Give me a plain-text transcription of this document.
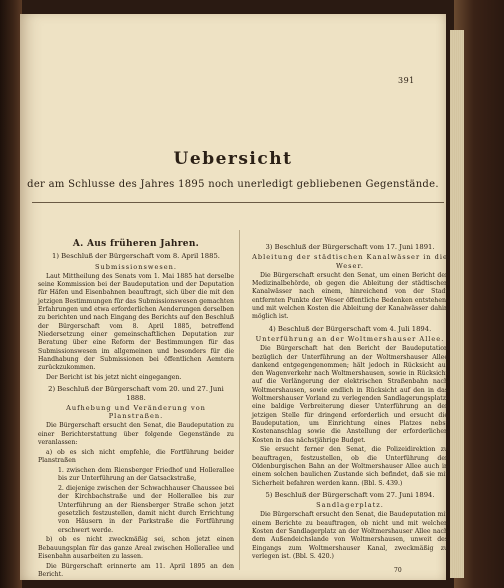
391
Uebersicht
der am Schlusse des Jahres 1895 noch unerledigt gebliebenen Gegenstände.
A. Aus früheren Jahren.
1) Beschluß der Bürgerschaft vom 8. April 1885.
Submissionswesen.

Laut Mittheilung des Senats vom 1. Mai 1885 hat derselbe seine Kommission bei der Baudeputation und der Deputation für Häfen und Eisenbahnen beauftragt, sich über die mit den jetzigen Bestimmungen für das Submissionswesen gemachten Erfahrungen und etwa erforderlichen Aenderungen derselben zu berichten und nach Eingang des Berichts auf den Beschluß der Bürgerschaft vom 8. April 1885, betreffend Niedersetzung einer gemeinschaftlichen Deputation zur Beratung über eine Reform der Bestimmungen für das Submissionswesen im allgemeinen und besonders für die Handhabung der Submissionen bei öffentlichen Aemtern zurückzukommen.

Der Bericht ist bis jetzt nicht eingegangen.

2) Beschluß der Bürgerschaft vom 20. und 27. Juni 1888.
Aufhebung und Veränderung von Planstraßen.

Die Bürgerschaft ersucht den Senat, die Baudeputation zu einer Berichterstattung über folgende Gegenstände zu veranlassen:

a) ob es sich nicht empfehle, die Fortführung beider Planstraßen

1. zwischen dem Riensberger Friedhof und Hollerallee bis zur Unterführung an der Gatsackstraße,

2. diejenige zwischen der Schwachhauser Chaussee bei der Kirchbachstraße und der Hollerallee bis zur Unterführung an der Riensberger Straße schon jetzt gesetzlich festzustellen, damit nicht durch Errichtung von Häusern in der Parkstraße die Fortführung erschwert werde.

b) ob es nicht zweckmäßig sei, schon jetzt einen Bebauungsplan für das ganze Areal zwischen Hollerallee und Eisenbahn ausarbeiten zu lassen.

Die Bürgerschaft erinnerte am 11. April 1895 an den Bericht.

3) Beschluß der Bürgerschaft vom 17. Juni 1891.
Ableitung der städtischen Kanalwässer in die Weser.

Die Bürgerschaft ersucht den Senat, um einen Bericht der Medizinalbehörde, ob gegen die Ableitung der städtischen Kanalwässer nach einem, hinreichend von der Stadt entfernten Punkte der Weser öffentliche Bedenken entstehen, und mit welchen Kosten die Ableitung der Kanalwässer dahin möglich ist.

4) Beschluß der Bürgerschaft vom 4. Juli 1894.
Unterführung an der Woltmershauser Allee.

Die Bürgerschaft hat den Bericht der Baudeputation bezüglich der Unterführung an der Woltmershauser Allee dankend entgegengenommen; hält jedoch in Rücksicht auf den Wagenverkehr nach Woltmershausen, sowie in Rücksicht auf die Verlängerung der elektrischen Straßenbahn nach Woltmershausen, sowie endlich in Rücksicht auf den in das Woltmershauser Vorland zu verlegenden Sandlagerungsplatz, eine baldige Verbreiterung dieser Unterführung an der jetzigen Stelle für dringend erforderlich und ersucht die Baudeputation, um Einrichtung eines Platzes nebst Kostenanschlag sowie die Anstellung der erforderlichen Kosten in das nächstjährige Budget.

Sie ersucht ferner den Senat, die Polizeidirektion zu beauftragen, festzustellen, ob die Unterführung der Oldenburgischen Bahn an der Woltmershauser Allee auch in einem solchen baulichen Zustande sich befindet, daß sie mit Sicherheit befahren werden kann. (Bbl. S. 439.)

5) Beschluß der Bürgerschaft vom 27. Juni 1894.
Sandlagerplatz.

Die Bürgerschaft ersucht den Senat, die Baudeputation mit einem Berichte zu beauftragen, ob nicht und mit welchen Kosten der Sandlagerplatz an der Woltmershauser Allee nach dem Außendeichslande von Woltmershausen, unweit des Eingangs zum Woltmershauser Kanal, zweckmäßig zu verlegen ist. (Bbl. S. 420.)

70
